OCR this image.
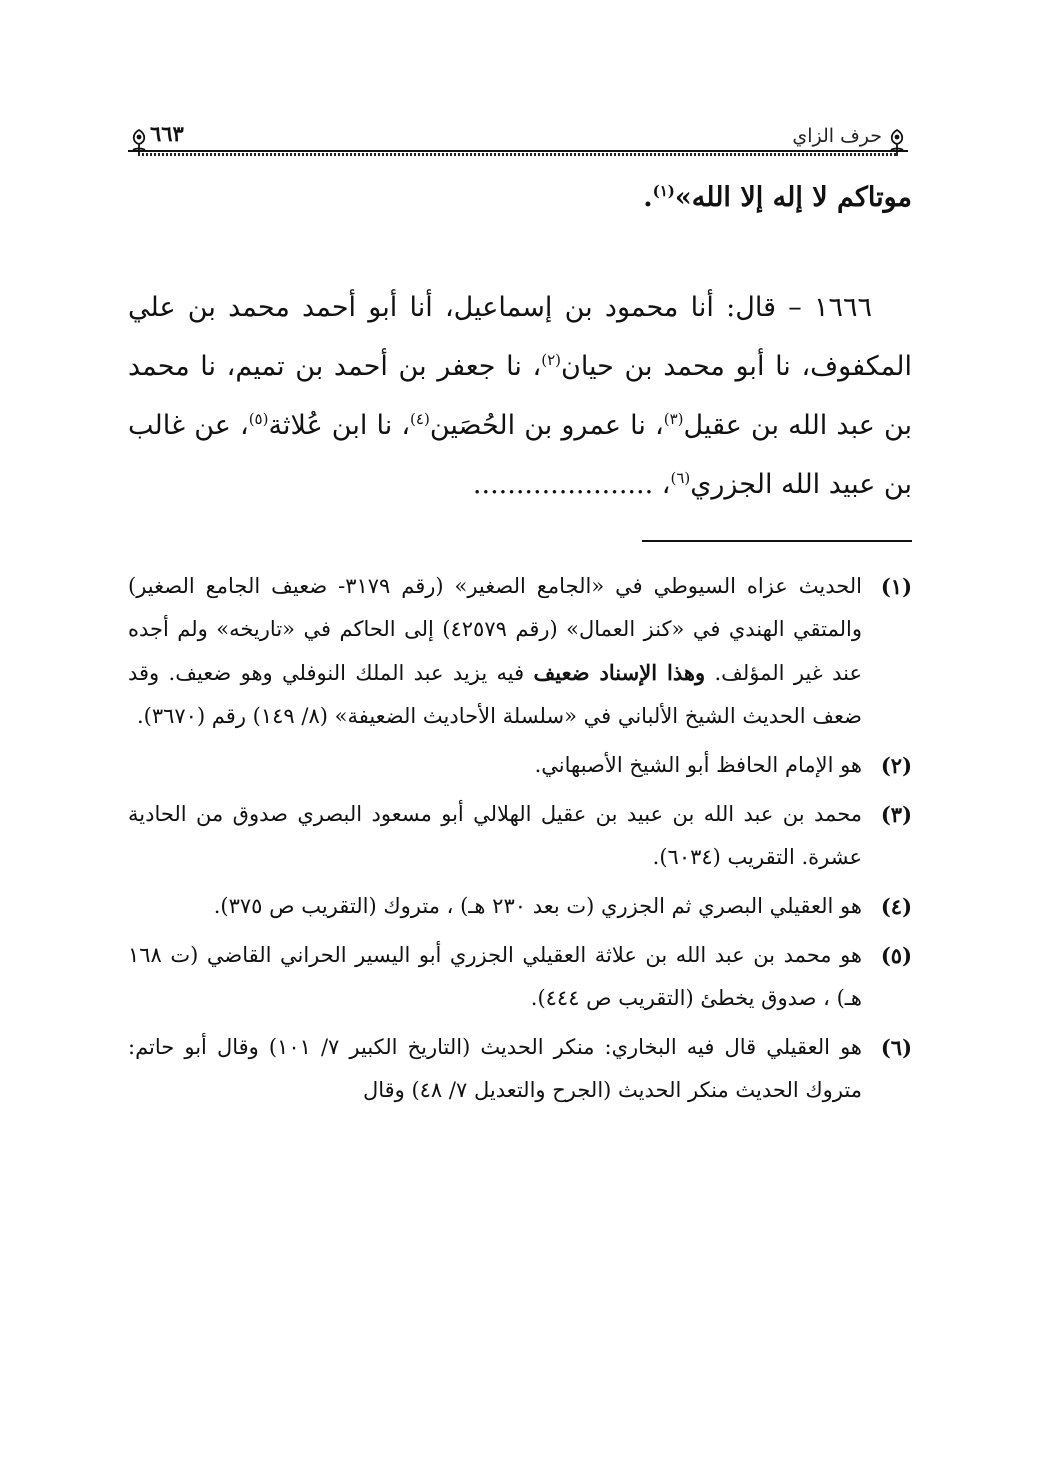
حرف الزاي
٦٦٣

موتاكم لا إله إلا الله»$^{(١)}$.

١٦٦٦ – قال: أنا محمود بن إسماعيل، أنا أبو أحمد محمد بن علي المكفوف، نا أبو محمد بن حيان$^{(٢)}$، نا جعفر بن أحمد بن تميم، نا محمد بن عبد الله بن عقيل$^{(٣)}$، نا عمرو بن الحُصَين$^{(٤)}$، نا ابن عُلاثة$^{(٥)}$، عن غالب بن عبيد الله الجزري$^{(٦)}$، .....................

(١)
الحديث عزاه السيوطي في «الجامع الصغير» (رقم ٣١٧٩- ضعيف الجامع الصغير) والمتقي الهندي في «كنز العمال» (رقم ٤٢٥٧٩) إلى الحاكم في «تاريخه» ولم أجده عند غير المؤلف. وهذا الإسناد ضعيف فيه يزيد عبد الملك النوفلي وهو ضعيف. وقد ضعف الحديث الشيخ الألباني في «سلسلة الأحاديث الضعيفة» (٨/ ١٤٩) رقم (٣٦٧٠).
(٢)
هو الإمام الحافظ أبو الشيخ الأصبهاني.
(٣)
محمد بن عبد الله بن عبيد بن عقيل الهلالي أبو مسعود البصري صدوق من الحادية عشرة. التقريب (٦٠٣٤).
(٤)
هو العقيلي البصري ثم الجزري (ت بعد ٢٣٠ هـ) ، متروك (التقريب ص ٣٧٥).
(٥)
هو محمد بن عبد الله بن علاثة العقيلي الجزري أبو اليسير الحراني القاضي (ت ١٦٨ هـ) ، صدوق يخطئ (التقريب ص ٤٤٤).
(٦)
هو العقيلي قال فيه البخاري: منكر الحديث (التاريخ الكبير ٧/ ١٠١) وقال أبو حاتم: متروك الحديث منكر الحديث (الجرح والتعديل ٧/ ٤٨) وقال
